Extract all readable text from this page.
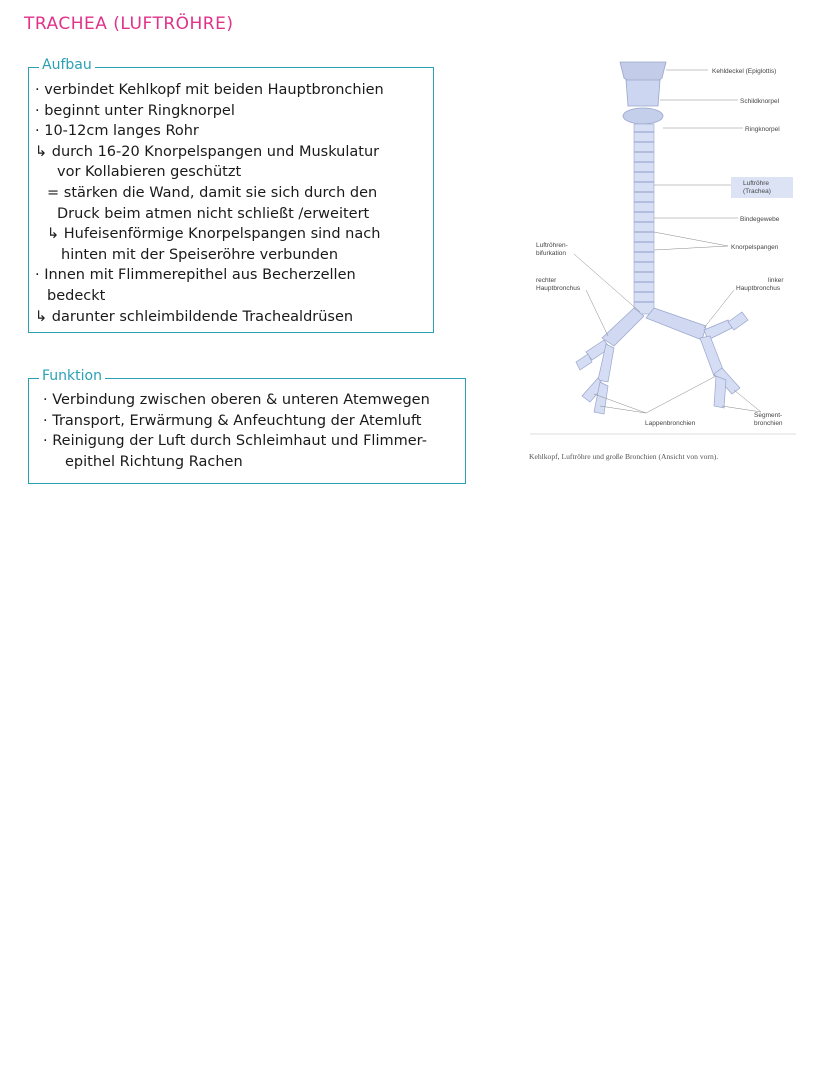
TRACHEA (LUFTRÖHRE)
Aufbau
· verbindet Kehlkopf mit beiden Hauptbronchien
· beginnt unter Ringknorpel
· 10-12cm langes Rohr
↳ durch 16-20 Knorpelspangen und Muskulatur
vor Kollabieren geschützt
= stärken die Wand, damit sie sich durch den
Druck beim atmen nicht schließt /erweitert
↳ Hufeisenförmige Knorpelspangen sind nach
hinten mit der Speiseröhre verbunden
· Innen mit Flimmerepithel aus Becherzellen
bedeckt
↳ darunter schleimbildende Trachealdrüsen
Funktion
· Verbindung zwischen oberen & unteren Atemwegen
· Transport, Erwärmung & Anfeuchtung der Atemluft
· Reinigung der Luft durch Schleimhaut und Flimmer-
epithel Richtung Rachen
Kehldeckel (Epiglottis)
Schildknorpel
Ringknorpel
Luftröhre
(Trachea)
Bindegewebe
Knorpelspangen
Luftröhren-
bifurkation
rechter
Hauptbronchus
linker
Hauptbronchus
Lappenbronchien
Segment-
bronchien
Kehlkopf, Luftröhre und große Bronchien (Ansicht von vorn).
